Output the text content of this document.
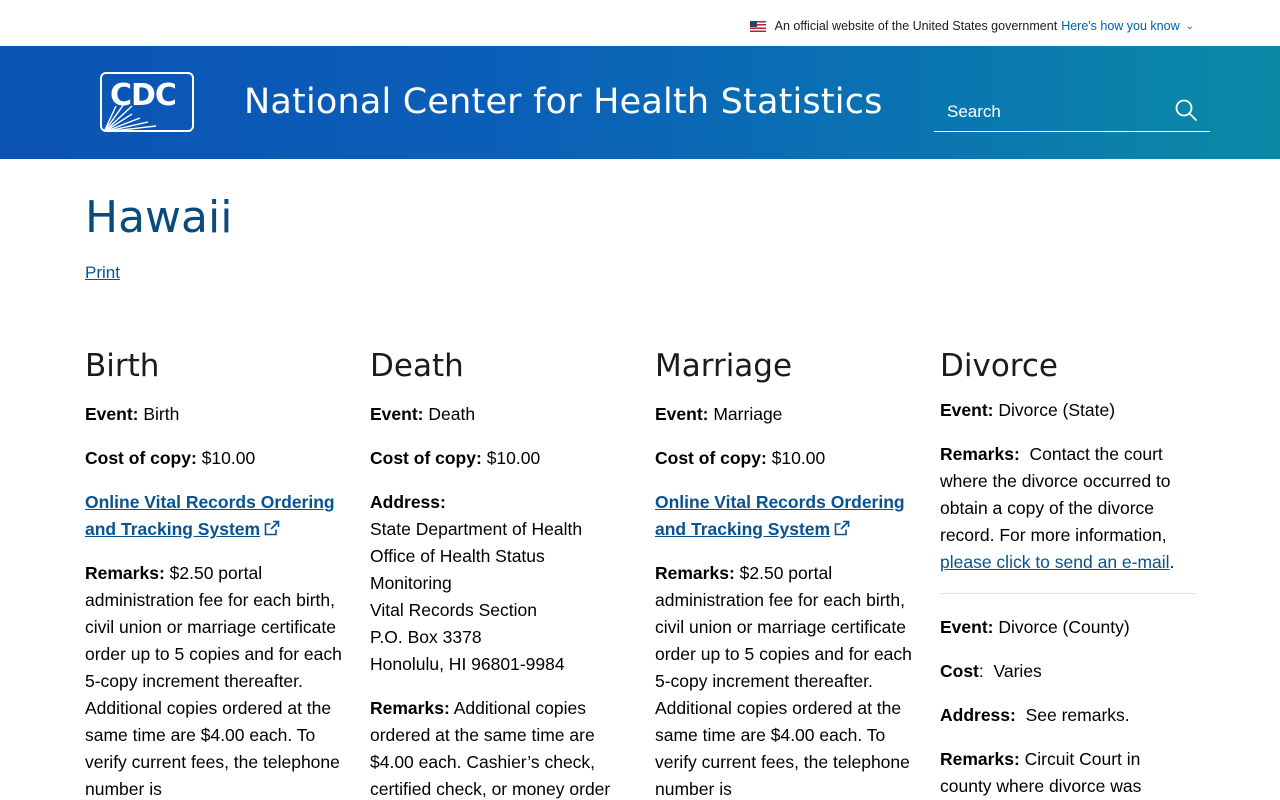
An official website of the United States government Here's how you know ⌄
CDC National Center for Health Statistics
Search
Hawaii
Print
Birth

Event: Birth

Cost of copy: $10.00

Online Vital Records Ordering and Tracking System

Remarks: $2.50 portal administration fee for each birth, civil union or marriage certificate order up to 5 copies and for each 5-copy increment thereafter. Additional copies ordered at the same time are $4.00 each. To verify current fees, the telephone number is

Death

Event: Death

Cost of copy: $10.00

Address:
State Department of Health
Office of Health Status Monitoring
Vital Records Section
P.O. Box 3378
Honolulu, HI 96801-9984

Remarks: Additional copies ordered at the same time are $4.00 each. Cashier’s check, certified check, or money order

Marriage

Event: Marriage

Cost of copy: $10.00

Online Vital Records Ordering and Tracking System

Remarks: $2.50 portal administration fee for each birth, civil union or marriage certificate order up to 5 copies and for each 5-copy increment thereafter. Additional copies ordered at the same time are $4.00 each. To verify current fees, the telephone number is

Divorce

Event: Divorce (State)

Remarks: Contact the court where the divorce occurred to obtain a copy of the divorce record. For more information, please click to send an e-mail.

Event: Divorce (County)

Cost: Varies

Address: See remarks.

Remarks: Circuit Court in county where divorce was
